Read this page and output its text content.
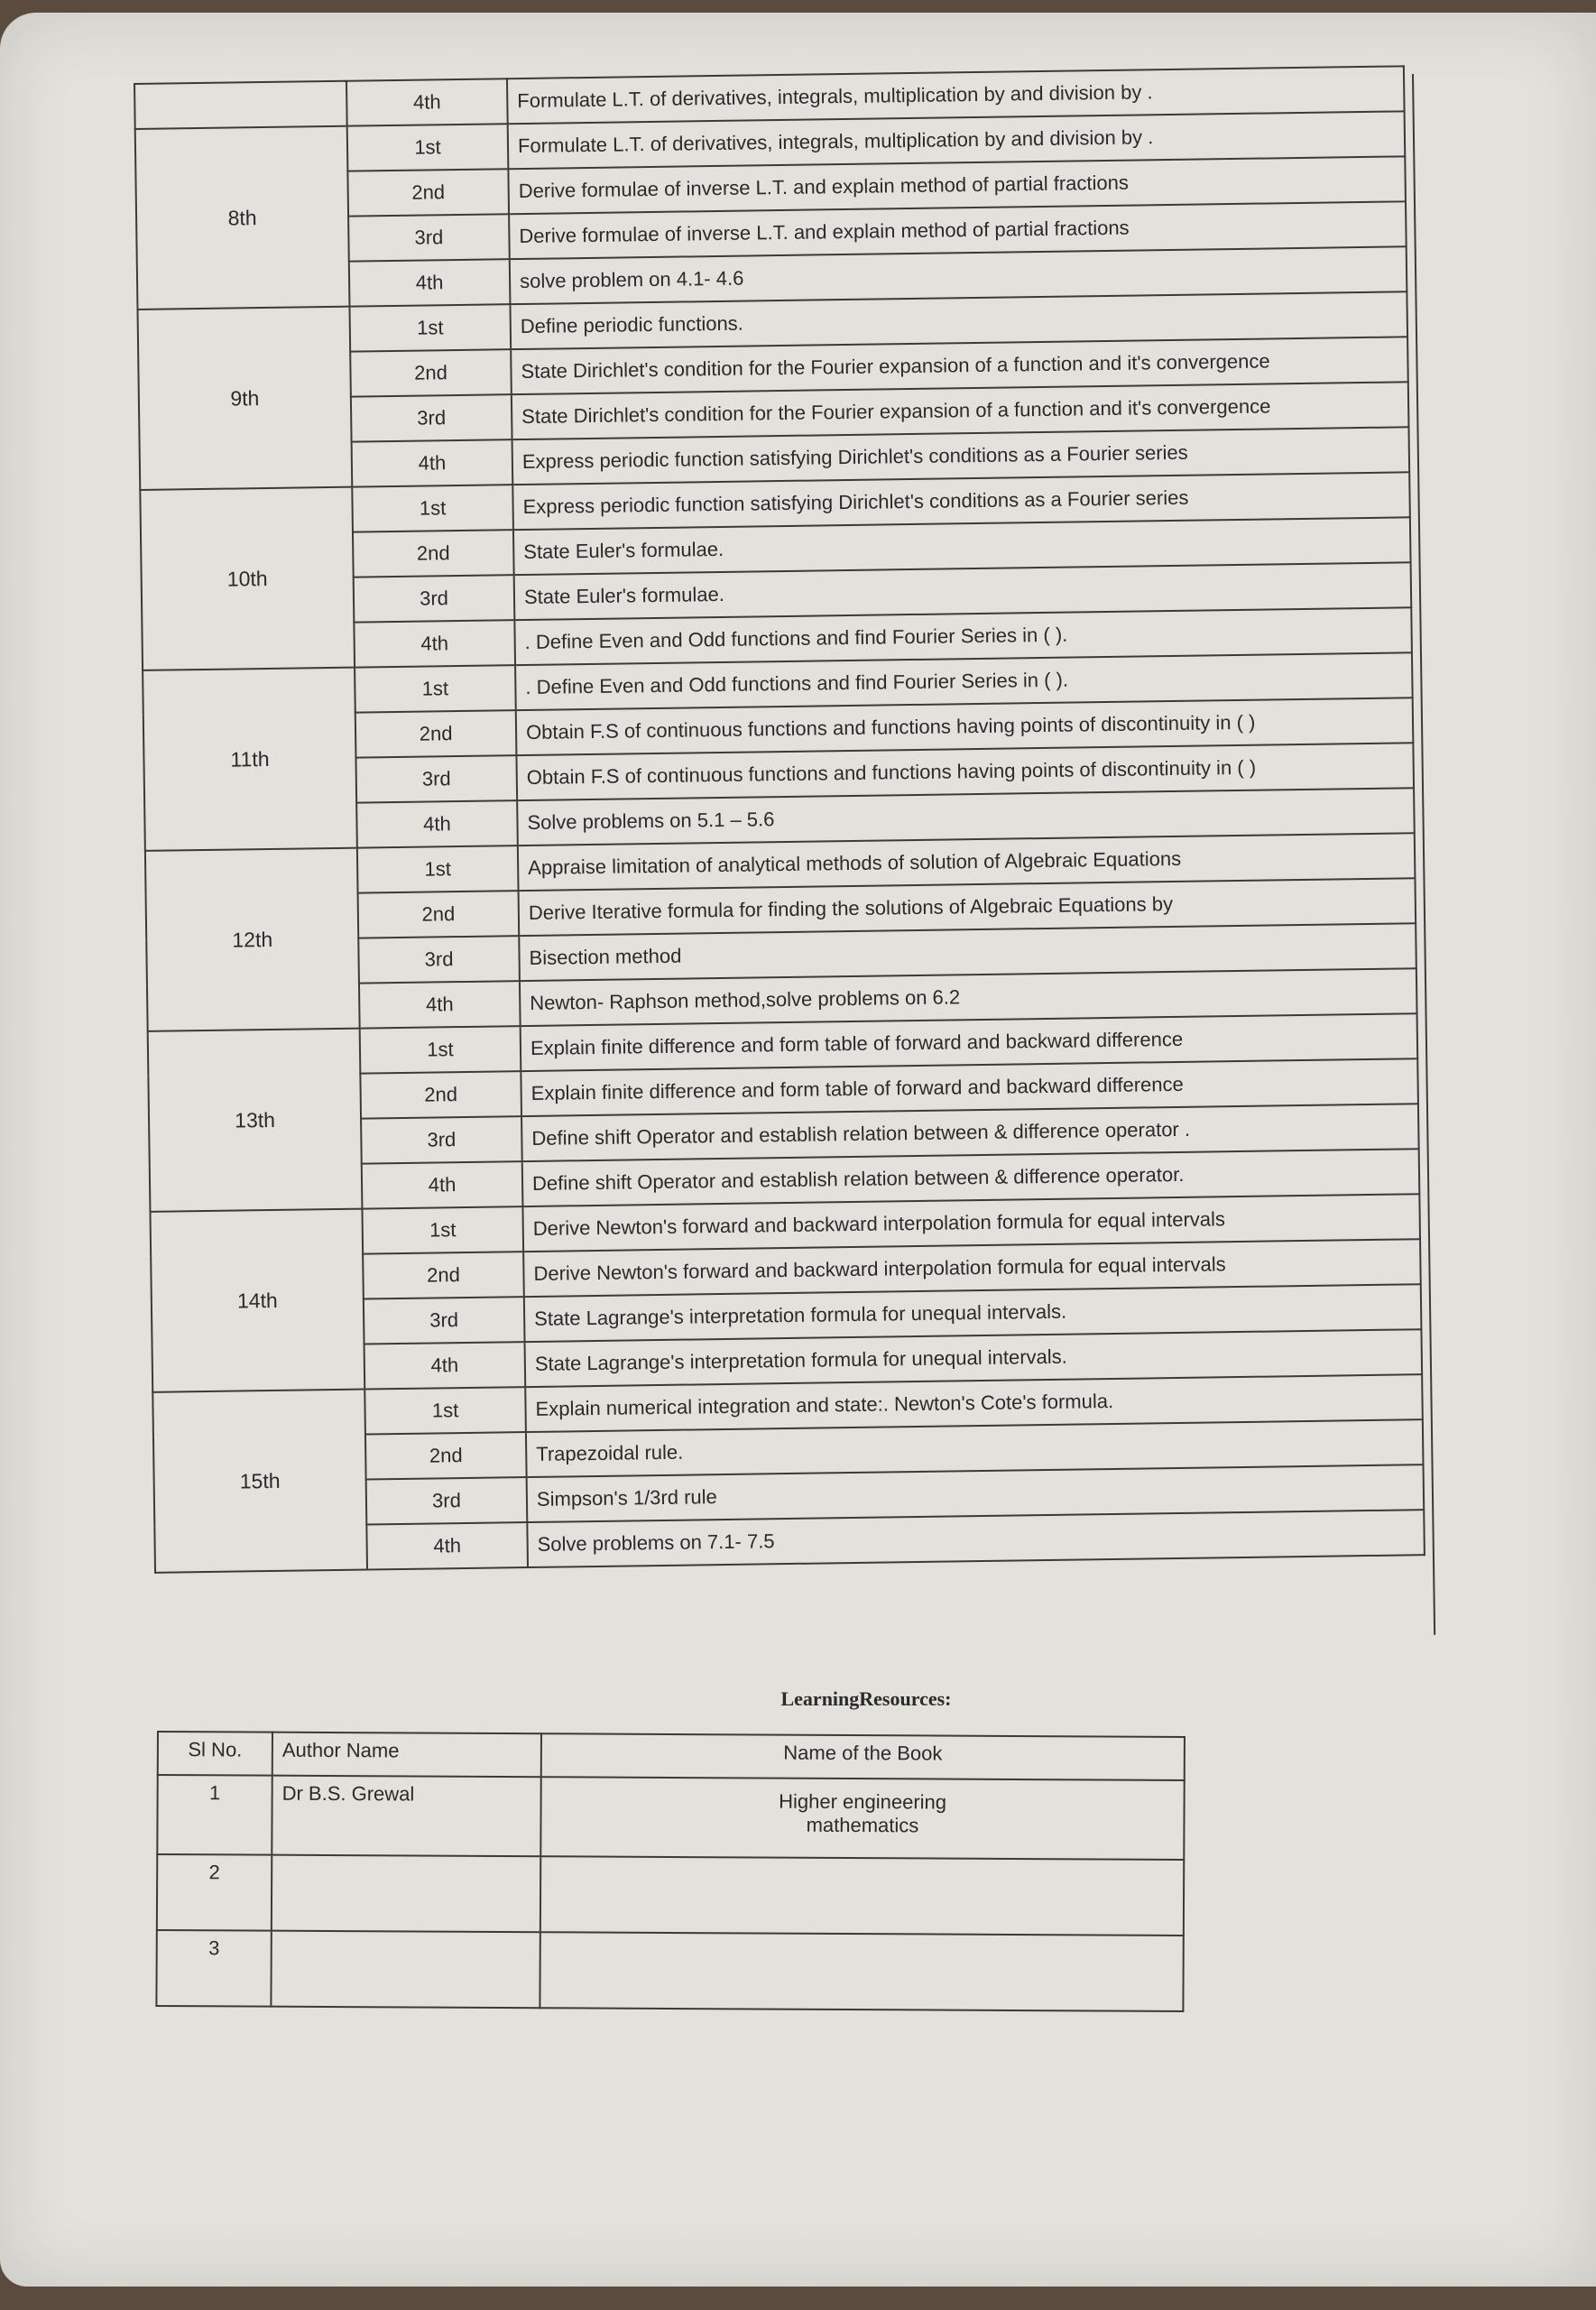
	4th	Formulate L.T. of derivatives, integrals, multiplication by and division by .
8th	1st	Formulate L.T. of derivatives, integrals, multiplication by and division by .
	2nd	Derive formulae of inverse L.T. and explain method of partial fractions
	3rd	Derive formulae of inverse L.T. and explain method of partial fractions
	4th	solve problem on 4.1- 4.6
9th	1st	Define periodic functions.
	2nd	State Dirichlet's condition for the Fourier expansion of a function and it's convergence
	3rd	State Dirichlet's condition for the Fourier expansion of a function and it's convergence
	4th	Express periodic function satisfying Dirichlet's conditions as a Fourier series
10th	1st	Express periodic function satisfying Dirichlet's conditions as a Fourier series
	2nd	State Euler's formulae.
	3rd	State Euler's formulae.
	4th	. Define Even and Odd functions and find Fourier Series in ( ).
11th	1st	. Define Even and Odd functions and find Fourier Series in ( ).
	2nd	Obtain F.S of continuous functions and functions having points of discontinuity in ( )
	3rd	Obtain F.S of continuous functions and functions having points of discontinuity in ( )
	4th	Solve problems on 5.1 – 5.6
12th	1st	Appraise limitation of analytical methods of solution of Algebraic Equations
	2nd	Derive Iterative formula for finding the solutions of Algebraic Equations by
	3rd	Bisection method
	4th	Newton- Raphson method,solve problems on 6.2
13th	1st	Explain finite difference and form table of forward and backward difference
	2nd	Explain finite difference and form table of forward and backward difference
	3rd	Define shift Operator and establish relation between & difference operator .
	4th	Define shift Operator and establish relation between & difference operator.
14th	1st	Derive Newton's forward and backward interpolation formula for equal intervals
	2nd	Derive Newton's forward and backward interpolation formula for equal intervals
	3rd	State Lagrange's interpretation formula for unequal intervals.
	4th	State Lagrange's interpretation formula for unequal intervals.
15th	1st	Explain numerical integration and state:. Newton's Cote's formula.
	2nd	Trapezoidal rule.
	3rd	Simpson's 1/3rd rule
	4th	Solve problems on 7.1- 7.5
LearningResources:
Sl No.	Author Name	Name of the Book
1	Dr B.S. Grewal	Higher engineering mathematics

2		
3		
